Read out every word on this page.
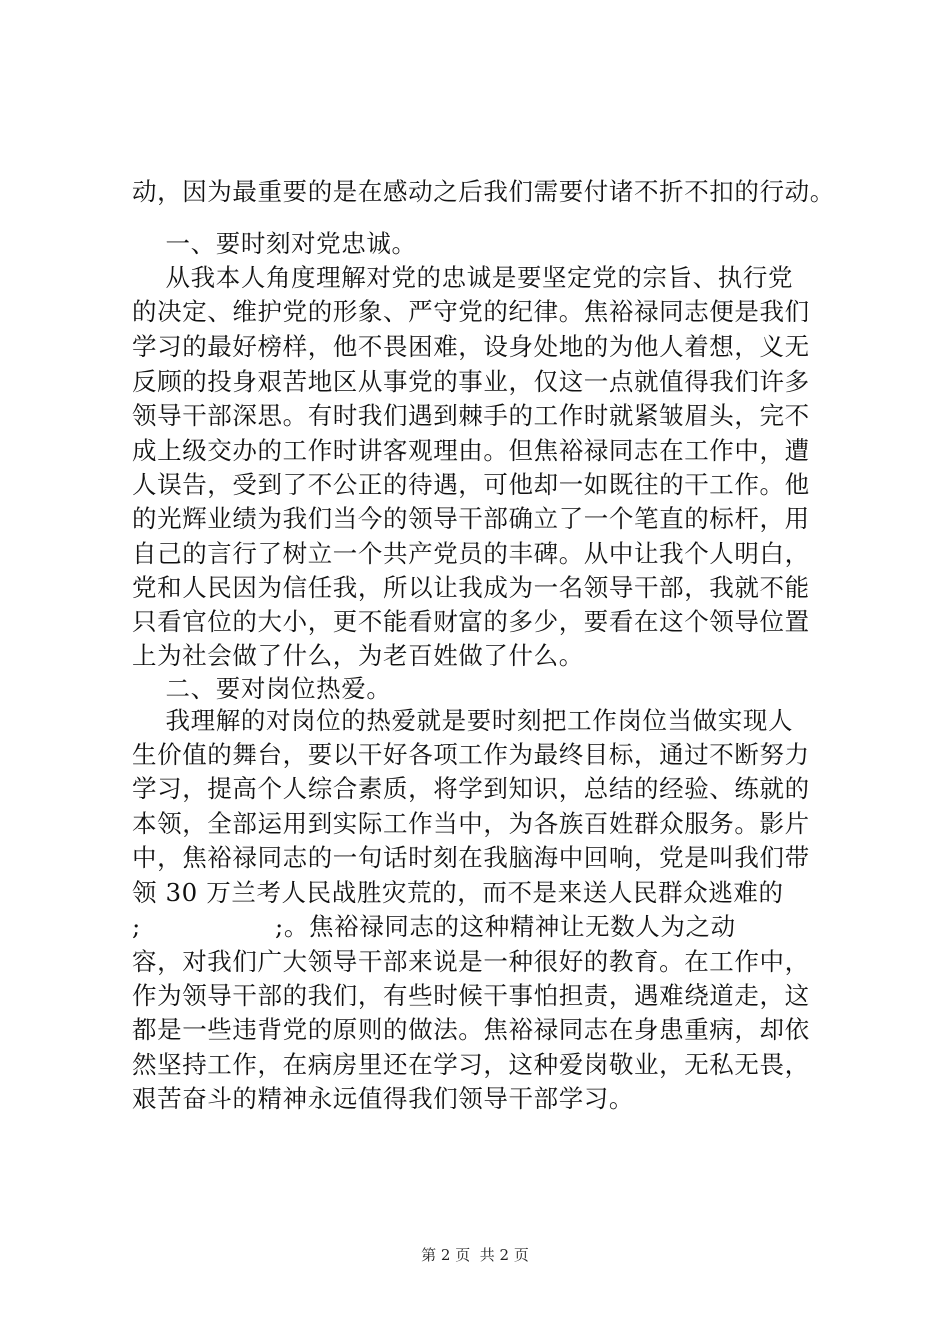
动，因为最重要的是在感动之后我们需要付诸不折不扣的行动。
一、要时刻对党忠诚。
从我本人角度理解对党的忠诚是要坚定党的宗旨、执行党
的决定、维护党的形象、严守党的纪律。焦裕禄同志便是我们
学习的最好榜样，他不畏困难，设身处地的为他人着想，义无
反顾的投身艰苦地区从事党的事业，仅这一点就值得我们许多
领导干部深思。有时我们遇到棘手的工作时就紧皱眉头，完不
成上级交办的工作时讲客观理由。但焦裕禄同志在工作中，遭
人误告，受到了不公正的待遇，可他却一如既往的干工作。他
的光辉业绩为我们当今的领导干部确立了一个笔直的标杆，用
自己的言行了树立一个共产党员的丰碑。从中让我个人明白，
党和人民因为信任我，所以让我成为一名领导干部，我就不能
只看官位的大小，更不能看财富的多少，要看在这个领导位置
上为社会做了什么，为老百姓做了什么。
二、要对岗位热爱。
我理解的对岗位的热爱就是要时刻把工作岗位当做实现人
生价值的舞台，要以干好各项工作为最终目标，通过不断努力
学习，提高个人综合素质，将学到知识，总结的经验、练就的
本领，全部运用到实际工作当中，为各族百姓群众服务。影片
中，焦裕禄同志的一句话时刻在我脑海中回响，党是叫我们带
领 30 万兰考人民战胜灾荒的，而不是来送人民群众逃难的
;                ;。焦裕禄同志的这种精神让无数人为之动
容，对我们广大领导干部来说是一种很好的教育。在工作中，
作为领导干部的我们，有些时候干事怕担责，遇难绕道走，这
都是一些违背党的原则的做法。焦裕禄同志在身患重病，却依
然坚持工作，在病房里还在学习，这种爱岗敬业，无私无畏，
艰苦奋斗的精神永远值得我们领导干部学习。
第 2 页  共 2 页
